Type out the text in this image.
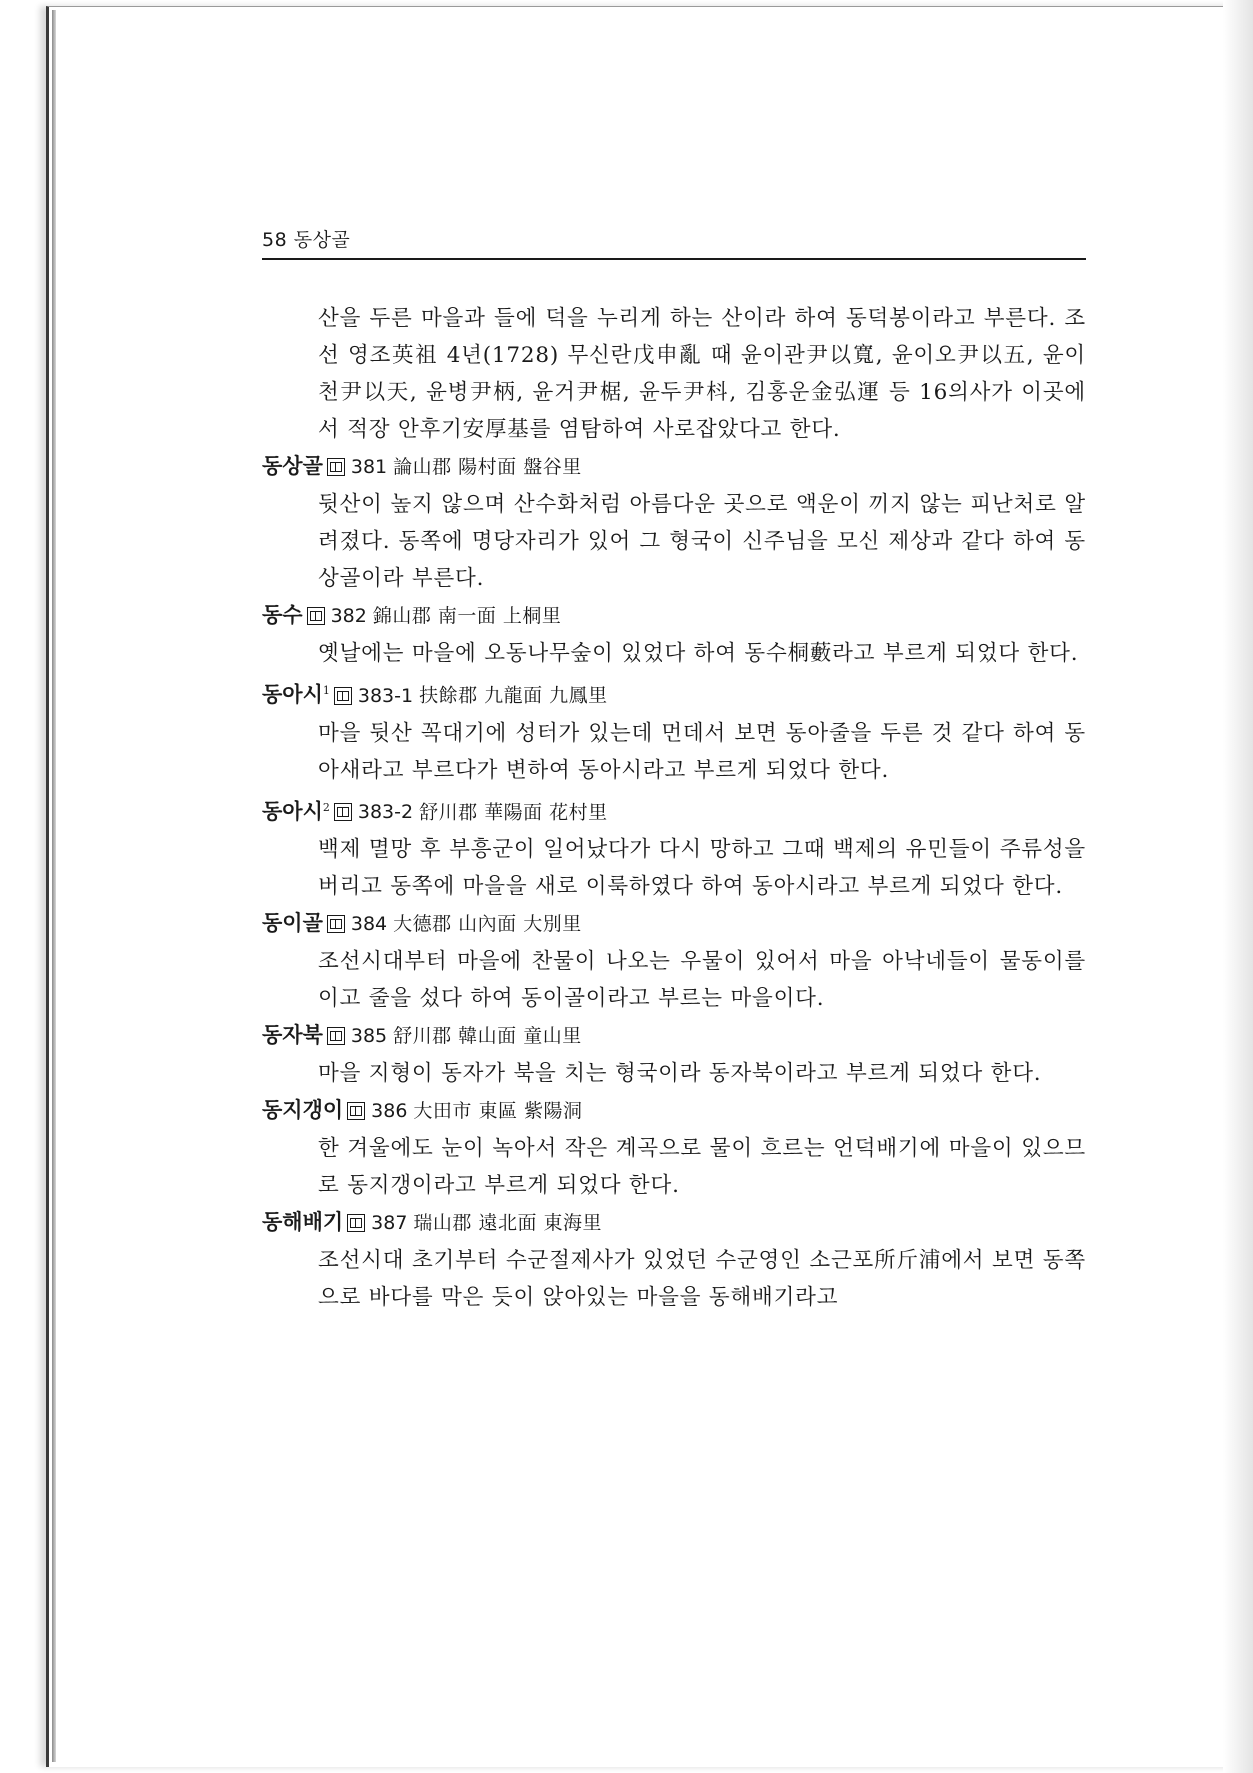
58 동상골
산을 두른 마을과 들에 덕을 누리게 하는 산이라 하여 동덕봉이라고 부른다. 조선 영조英祖 4년(1728) 무신란戊申亂 때 윤이관尹以寬, 윤이오尹以五, 윤이천尹以天, 윤병尹柄, 윤거尹椐, 윤두尹枓, 김홍운金弘運 등 16의사가 이곳에서 적장 안후기安厚基를 염탐하여 사로잡았다고 한다.
동상골 381 論山郡 陽村面 盤谷里
뒷산이 높지 않으며 산수화처럼 아름다운 곳으로 액운이 끼지 않는 피난처로 알려졌다. 동쪽에 명당자리가 있어 그 형국이 신주님을 모신 제상과 같다 하여 동상골이라 부른다.
동수 382 錦山郡 南一面 上桐里
옛날에는 마을에 오동나무숲이 있었다 하여 동수桐藪라고 부르게 되었다 한다.
동아시$^1$ 383-1 扶餘郡 九龍面 九鳳里
마을 뒷산 꼭대기에 성터가 있는데 먼데서 보면 동아줄을 두른 것 같다 하여 동아새라고 부르다가 변하여 동아시라고 부르게 되었다 한다.
동아시$^2$ 383-2 舒川郡 華陽面 花村里
백제 멸망 후 부흥군이 일어났다가 다시 망하고 그때 백제의 유민들이 주류성을 버리고 동쪽에 마을을 새로 이룩하였다 하여 동아시라고 부르게 되었다 한다.
동이골 384 大德郡 山內面 大別里
조선시대부터 마을에 찬물이 나오는 우물이 있어서 마을 아낙네들이 물동이를 이고 줄을 섰다 하여 동이골이라고 부르는 마을이다.
동자북 385 舒川郡 韓山面 童山里
마을 지형이 동자가 북을 치는 형국이라 동자북이라고 부르게 되었다 한다.
동지갱이 386 大田市 東區 紫陽洞
한 겨울에도 눈이 녹아서 작은 계곡으로 물이 흐르는 언덕배기에 마을이 있으므로 동지갱이라고 부르게 되었다 한다.
동해배기 387 瑞山郡 遠北面 東海里
조선시대 초기부터 수군절제사가 있었던 수군영인 소근포所斤浦에서 보면 동쪽으로 바다를 막은 듯이 앉아있는 마을을 동해배기라고
